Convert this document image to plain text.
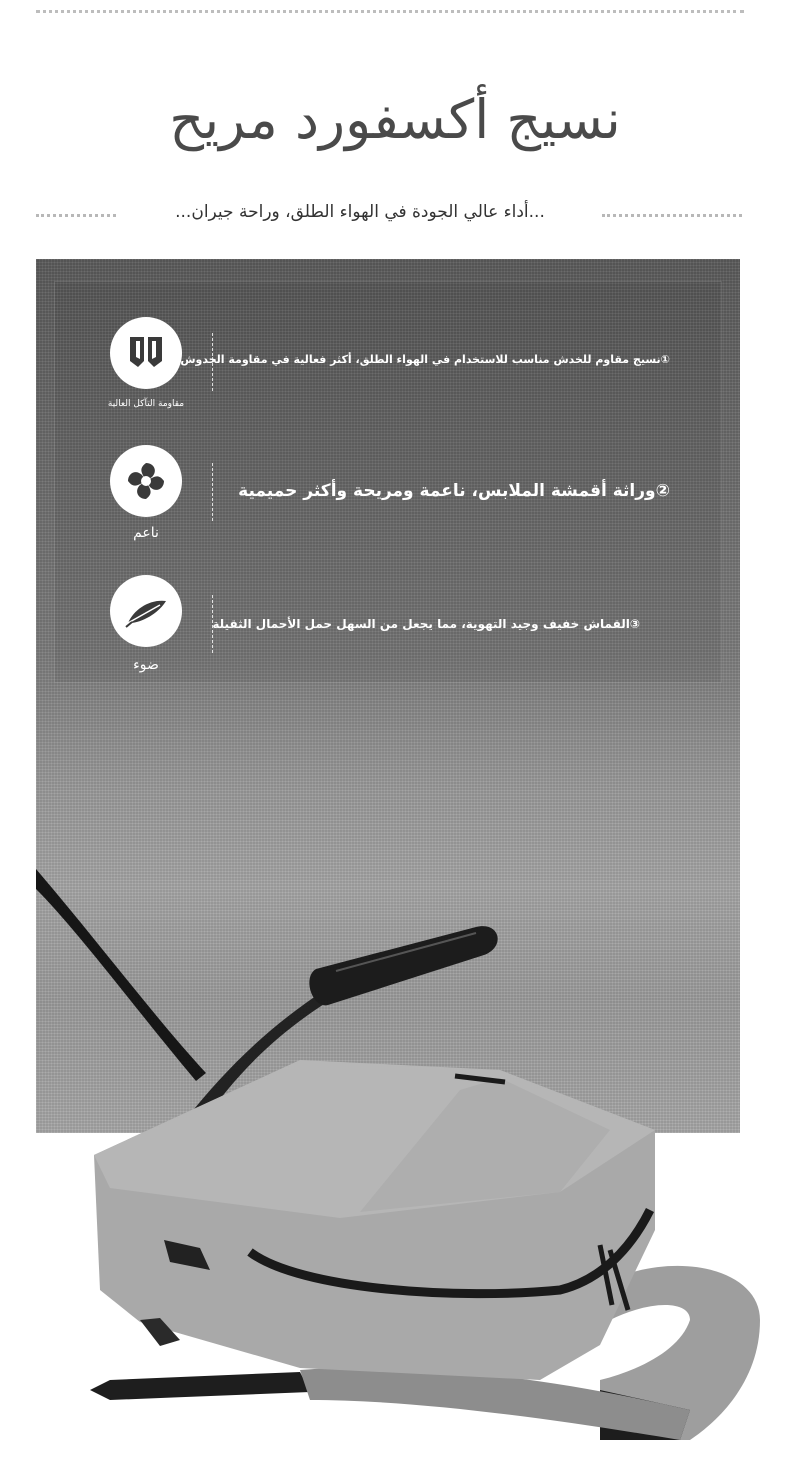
نسيج أكسفورد مريح
...أداء عالي الجودة في الهواء الطلق، وراحة جيران...
مقاومة التآكل العالية
①نسيج مقاوم للخدش مناسب للاستخدام في الهواء الطلق، أكثر فعالية في مقاومة الخدوش
ناعم
②وراثة أقمشة الملابس، ناعمة ومريحة وأكثر حميمية
ضوء
③القماش خفيف وجيد التهوية، مما يجعل من السهل حمل الأحمال الثقيلة
